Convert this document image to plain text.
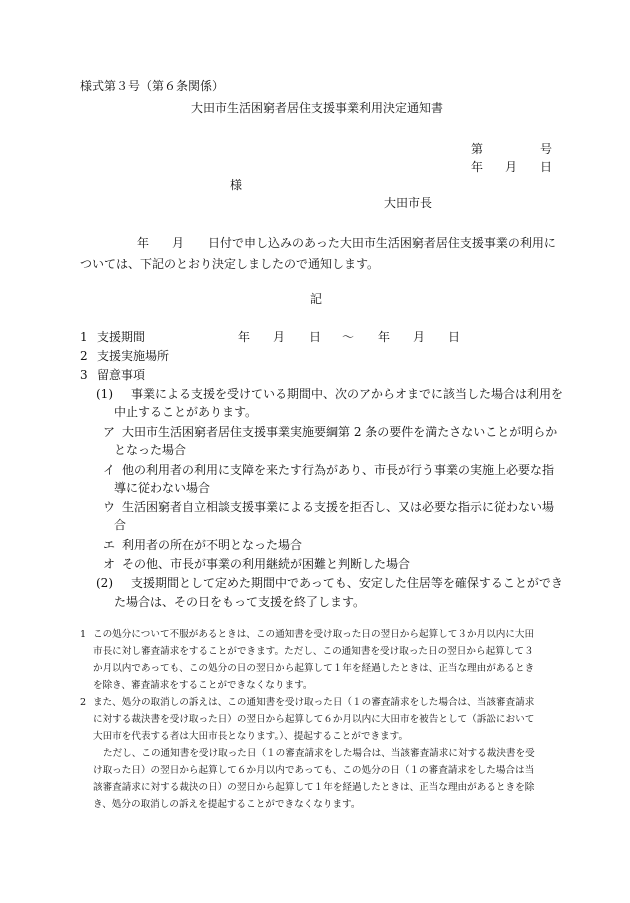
様式第３号（第６条関係）
大田市生活困窮者居住支援事業利用決定通知書
第	号
年 月 日
様
大田市長
年 月 日付で申し込みのあった大田市生活困窮者居住支援事業の利用に
ついては、下記のとおり決定しましたので通知します。
記
1 支援期間	年 月 日 〜 年 月 日
2 支援実施場所
3 留意事項
(1) 事業による支援を受けている期間中、次のアからオまでに該当した場合は利用を
中止することがあります。
ア 大田市生活困窮者居住支援事業実施要綱第 2 条の要件を満たさないことが明らか
となった場合
イ 他の利用者の利用に支障を来たす行為があり、市長が行う事業の実施上必要な指
導に従わない場合
ウ 生活困窮者自立相談支援事業による支援を拒否し、又は必要な指示に従わない場
合
エ 利用者の所在が不明となった場合
オ その他、市長が事業の利用継続が困難と判断した場合
(2) 支援期間として定めた期間中であっても、安定した住居等を確保することができ
た場合は、その日をもって支援を終了します。
1 この処分について不服があるときは、この通知書を受け取った日の翌日から起算して３か月以内に大田
市長に対し審査請求をすることができます。ただし、この通知書を受け取った日の翌日から起算して３
か月以内であっても、この処分の日の翌日から起算して１年を経過したときは、正当な理由があるとき
を除き、審査請求をすることができなくなります。
2 また、処分の取消しの訴えは、この通知書を受け取った日（１の審査請求をした場合は、当該審査請求
に対する裁決書を受け取った日）の翌日から起算して６か月以内に大田市を被告として（訴訟において
大田市を代表する者は大田市長となります。）、提起することができます。
ただし、この通知書を受け取った日（１の審査請求をした場合は、当該審査請求に対する裁決書を受
け取った日）の翌日から起算して６か月以内であっても、この処分の日（１の審査請求をした場合は当
該審査請求に対する裁決の日）の翌日から起算して１年を経過したときは、正当な理由があるときを除
き、処分の取消しの訴えを提起することができなくなります。
